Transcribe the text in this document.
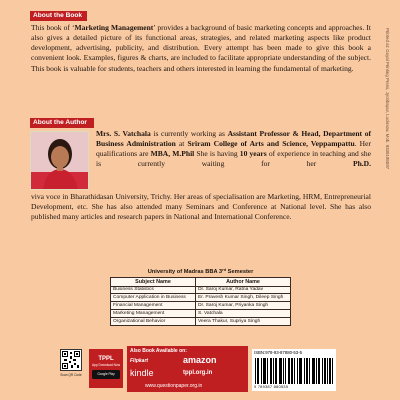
About the Book
This book of ‘Marketing Management’ provides a background of basic marketing concepts and approaches. It also gives a detailed picture of its functional areas, strategies, and related marketing aspects like product development, advertising, publicity, and distribution. Every attempt has been made to give this book a convenient look. Examples, figures & charts, are included to facilitate appropriate understanding of the subject. This book is valuable for students, teachers and others interested in learning the fundamental of marketing.
About the Author
Mrs. S. Vatchala is currently working as Assistant Professor & Head, Department of Business Administration at Sriram College of Arts and Science, Veppampattu. Her qualifications are MBA, M.Phil She is having 10 years of experience in teaching and she is currently waiting for her Ph.D.
viva voce in Bharathidasan University, Trichy. Her areas of specialisation are Marketing, HRM, Entrepreneurial Development, etc. She has also attended many Seminars and Conference at National level. She has also published many articles and research papers in National and International Conference.
Printed at: Goyal Printing Press, Jyotibapur, Lucknow. Mob. 9335185097
University of Madras BBA 3rd Semester
Subject Name	Author Name
Business Statistics	Dr. Saroj Kumar, Ratna Yadav
Computer Application in Business	Er. Pravesh Kumar Singh, Dileep Singh
Financial Management	Dr. Saroj Kumar, Priyanka Singh
Marketing Management	S. Vatchala
Organizational Behavior	Veera Thakur, Supriya Singh
Scan QR Code
TPPL
App Download Now
Google Play
Also Book Available on:
Flipkart	amazon
kindle	tppl.org.in
www.questionpaper.org.in
ISBN:978-93-87880-53-5
9 789387 880535
